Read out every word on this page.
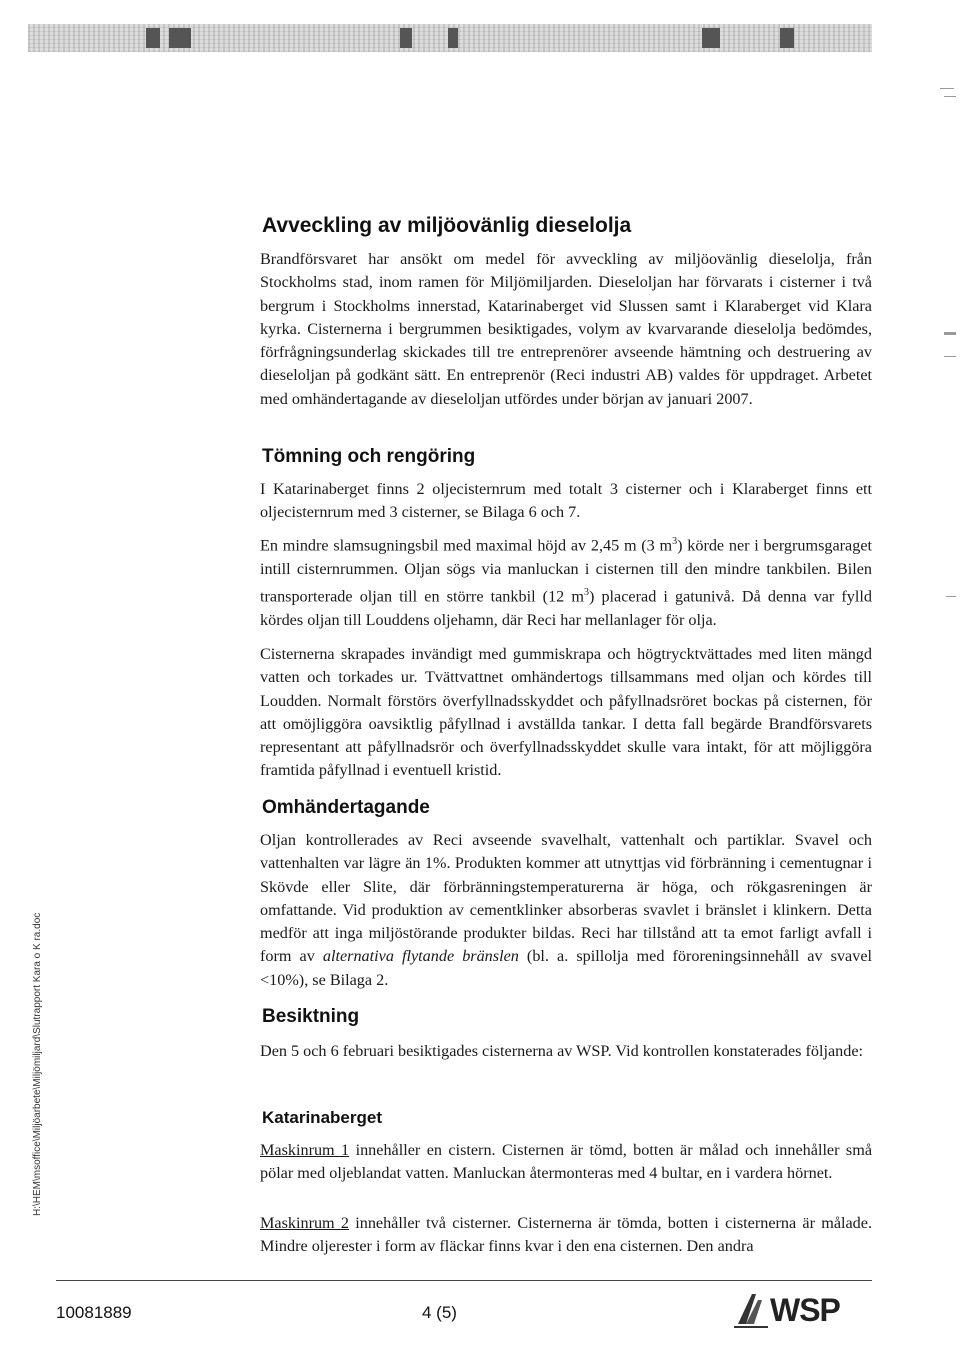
Avveckling av miljöovänlig dieselolja

Brandförsvaret har ansökt om medel för avveckling av miljöovänlig dieselolja, från Stockholms stad, inom ramen för Miljömiljarden. Dieseloljan har förvarats i cisterner i två bergrum i Stockholms innerstad, Katarinaberget vid Slussen samt i Klaraberget vid Klara kyrka. Cisternerna i bergrummen besiktigades, volym av kvarvarande dieselolja bedömdes, förfrågningsunderlag skickades till tre entreprenörer avseende hämtning och destruering av dieseloljan på godkänt sätt. En entreprenör (Reci industri AB) valdes för uppdraget. Arbetet med omhändertagande av dieseloljan utfördes under början av januari 2007.

Tömning och rengöring

I Katarinaberget finns 2 oljecisternrum med totalt 3 cisterner och i Klaraberget finns ett oljecisternrum med 3 cisterner, se Bilaga 6 och 7.

En mindre slamsugningsbil med maximal höjd av 2,45 m (3 $m^3$) körde ner i bergrumsgaraget intill cisternrummen. Oljan sögs via manluckan i cisternen till den mindre tankbilen. Bilen transporterade oljan till en större tankbil (12 $m^3$) placerad i gatunivå. Då denna var fylld kördes oljan till Louddens oljehamn, där Reci har mellanlager för olja.

Cisternerna skrapades invändigt med gummiskrapa och högtrycktvättades med liten mängd vatten och torkades ur. Tvättvattnet omhändertogs tillsammans med oljan och kördes till Loudden. Normalt förstörs överfyllnadsskyddet och påfyllnadsröret bockas på cisternen, för att omöjliggöra oavsiktlig påfyllnad i avställda tankar. I detta fall begärde Brandförsvarets representant att påfyllnadsrör och överfyllnadsskyddet skulle vara intakt, för att möjliggöra framtida påfyllnad i eventuell kristid.

Omhändertagande

Oljan kontrollerades av Reci avseende svavelhalt, vattenhalt och partiklar. Svavel och vattenhalten var lägre än 1%. Produkten kommer att utnyttjas vid förbränning i cementugnar i Skövde eller Slite, där förbränningstemperaturerna är höga, och rökgasreningen är omfattande. Vid produktion av cementklinker absorberas svavlet i bränslet i klinkern. Detta medför att inga miljöstörande produkter bildas. Reci har tillstånd att ta emot farligt avfall i form av alternativa flytande bränslen (bl. a. spillolja med föroreningsinnehåll av svavel <10%), se Bilaga 2.

Besiktning

Den 5 och 6 februari besiktigades cisternerna av WSP. Vid kontrollen konstaterades följande:

Katarinaberget

Maskinrum 1 innehåller en cistern. Cisternen är tömd, botten är målad och innehåller små pölar med oljeblandat vatten. Manluckan återmonteras med 4 bultar, en i vardera hörnet.

Maskinrum 2 innehåller två cisterner. Cisternerna är tömda, botten i cisternerna är målade. Mindre oljerester i form av fläckar finns kvar i den ena cisternen. Den andra

H:\HEM\msoffice\Miljöarbete\Miljömiljard\Slutrapport Kara o K ra.doc
10081889	4 (5)	WSP
